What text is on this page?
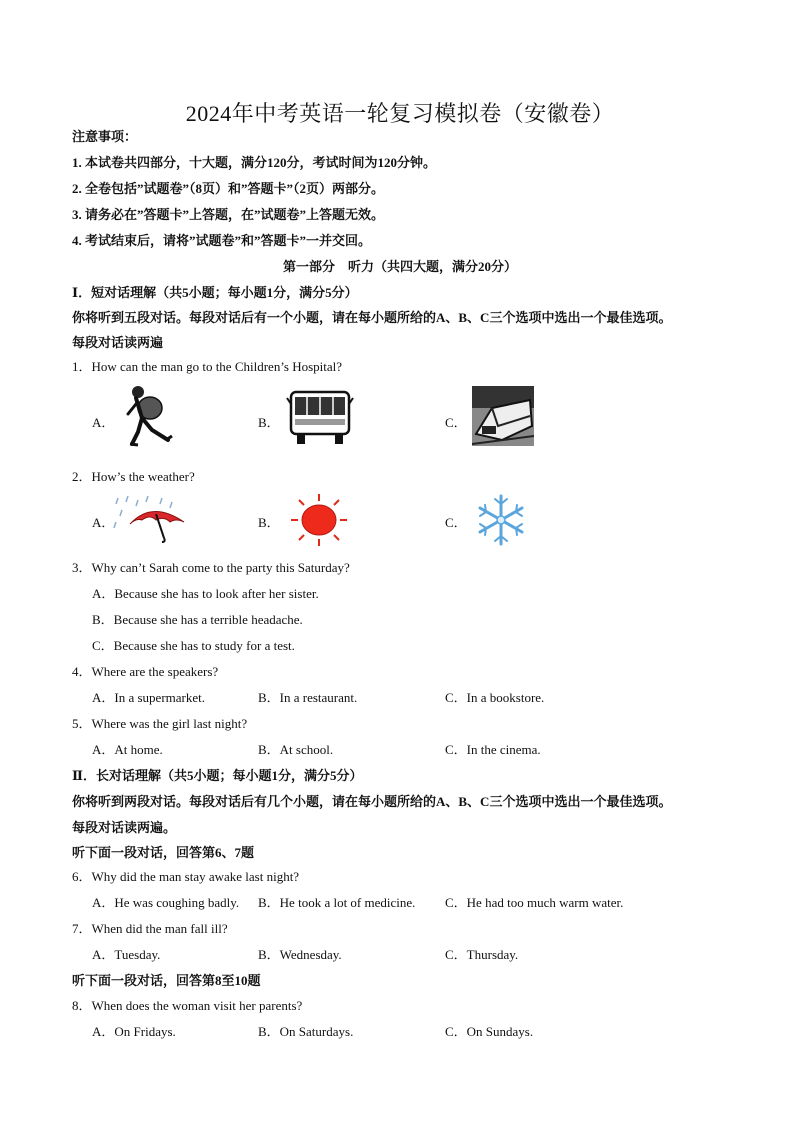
2024年中考英语一轮复习模拟卷（安徽卷）
注意事项：
1. 本试卷共四部分，十大题，满分120分，考试时间为120分钟。
2. 全卷包括”试题卷”（8页）和”答题卡”（2页）两部分。
3. 请务必在”答题卡”上答题，在”试题卷”上答题无效。
4. 考试结束后，请将”试题卷”和”答题卡”一并交回。
第一部分　听力（共四大题，满分20分）
Ⅰ．短对话理解（共5小题；每小题1分，满分5分）
你将听到五段对话。每段对话后有一个小题，请在每小题所给的A、B、C三个选项中选出一个最佳选项。
每段对话读两遍
1．How can the man go to the Children’s Hospital?
A．	B．	C．
2．How’s the weather?
A．	B．	C．
3．Why can’t Sarah come to the party this Saturday?
A．Because she has to look after her sister.
B．Because she has a terrible headache.
C．Because she has to study for a test.
4．Where are the speakers?
A．In a supermarket.	B．In a restaurant.	C．In a bookstore.
5．Where was the girl last night?
A．At home.	B．At school.	C．In the cinema.
Ⅱ．长对话理解（共5小题；每小题1分，满分5分）
你将听到两段对话。每段对话后有几个小题，请在每小题所给的A、B、C三个选项中选出一个最佳选项。
每段对话读两遍。
听下面一段对话，回答第6、7题
6．Why did the man stay awake last night?
A．He was coughing badly. B．He took a lot of medicine. C．He had too much warm water.
7．When did the man fall ill?
A．Tuesday.	B．Wednesday.	C．Thursday.
听下面一段对话，回答第8至10题
8．When does the woman visit her parents?
A．On Fridays.	B．On Saturdays.	C．On Sundays.
